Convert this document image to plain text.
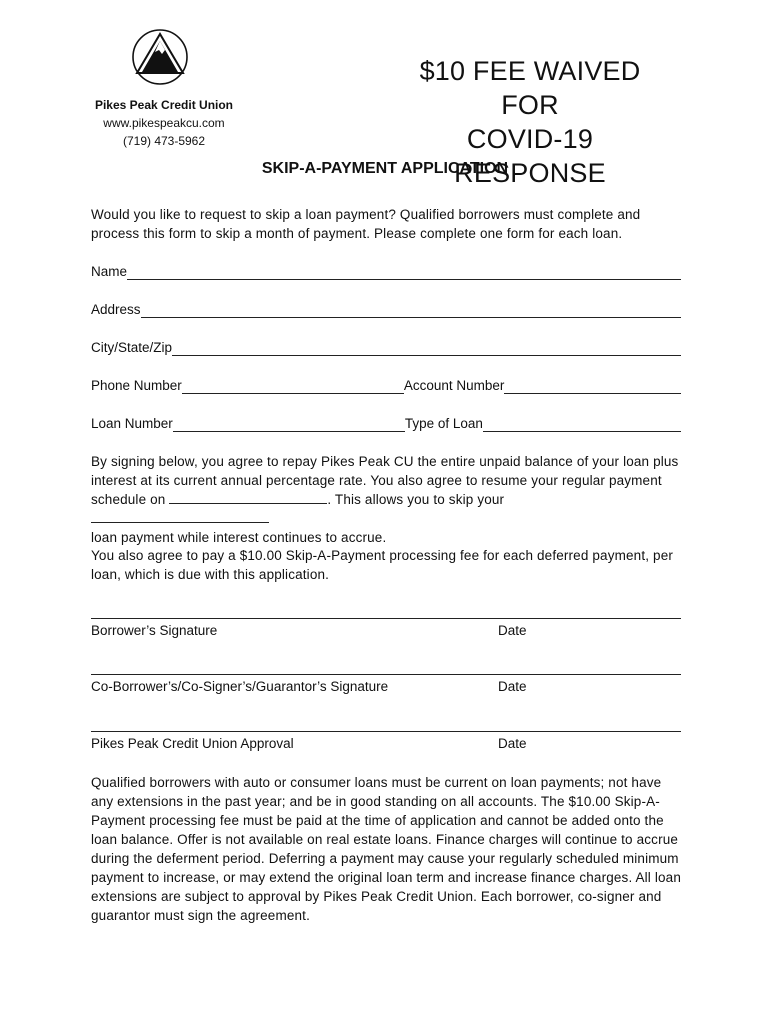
Pikes Peak Credit Union
www.pikespeakcu.com
(719) 473-5962
$10 FEE WAIVED FOR
COVID-19 RESPONSE
SKIP-A-PAYMENT APPLICATION
Would you like to request to skip a loan payment? Qualified borrowers must complete and process this form to skip a month of payment. Please complete one form for each loan.
Name
Address
City/State/Zip
Phone Number	Account Number
Loan Number	Type of Loan
By signing below, you agree to repay Pikes Peak CU the entire unpaid balance of your loan plus interest at its current annual percentage rate. You also agree to resume your regular payment schedule on	. This allows you to skip your
loan payment while interest continues to accrue.
You also agree to pay a $10.00 Skip-A-Payment processing fee for each deferred payment, per loan, which is due with this application.
Borrower’s Signature	Date
Co-Borrower’s/Co-Signer’s/Guarantor’s Signature	Date
Pikes Peak Credit Union Approval	Date
Qualified borrowers with auto or consumer loans must be current on loan payments; not have any extensions in the past year; and be in good standing on all accounts. The $10.00 Skip-A-Payment processing fee must be paid at the time of application and cannot be added onto the loan balance. Offer is not available on real estate loans. Finance charges will continue to accrue during the deferment period. Deferring a payment may cause your regularly scheduled minimum payment to increase, or may extend the original loan term and increase finance charges. All loan extensions are subject to approval by Pikes Peak Credit Union. Each borrower, co-signer and guarantor must sign the agreement.
